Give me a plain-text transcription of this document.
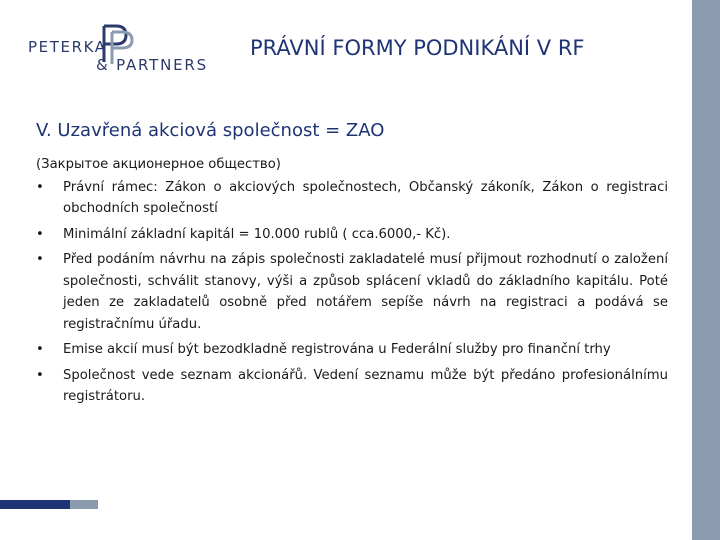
PETERKA
& PARTNERS
PRÁVNÍ FORMY PODNIKÁNÍ V RF
V. Uzavřená akciová společnost = ZAO

(Закрытое акционерное общество)

•	Právní rámec: Zákon o akciových společnostech, Občanský zákoník, Zákon o registraci obchodních společností
•	Minimální základní kapitál = 10.000 rublů ( cca.6000,- Kč).
•	Před podáním návrhu na zápis společnosti zakladatelé musí přijmout rozhodnutí o založení společnosti, schválit stanovy, výši a způsob splácení vkladů do základního kapitálu. Poté jeden ze zakladatelů osobně před notářem sepíše návrh na registraci a podává se registračnímu úřadu.
•	Emise akcií musí být bezodkladně registrována u Federální služby pro finanční trhy
•	Společnost vede seznam akcionářů. Vedení seznamu může být předáno profesionálnímu registrátoru.
